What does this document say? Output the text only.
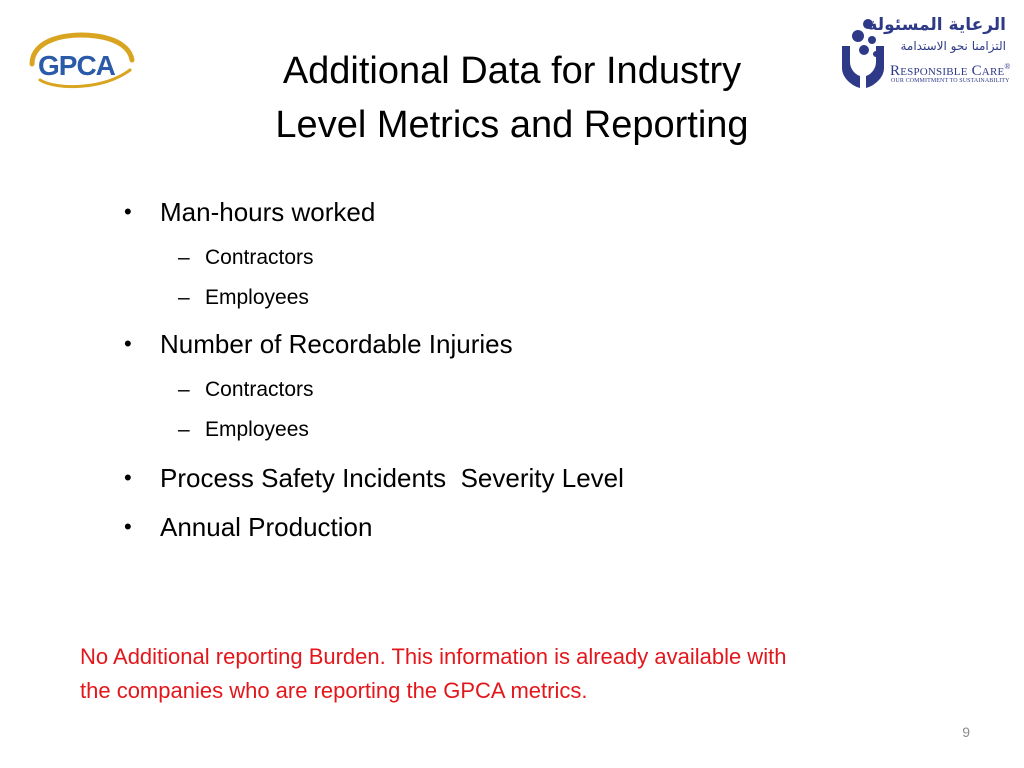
GPCA
الرعاية المسئولة
التزامنا نحو الاستدامة
RESPONSIBLE CARE®
OUR COMMITMENT TO SUSTAINABILITY
Additional Data for Industry
Level Metrics and Reporting
• Man-hours worked
– Contractors
– Employees
• Number of Recordable Injuries
– Contractors
– Employees
• Process Safety Incidents  Severity Level
• Annual Production
No Additional reporting Burden. This information is already available with
the companies who are reporting the GPCA metrics.
9
